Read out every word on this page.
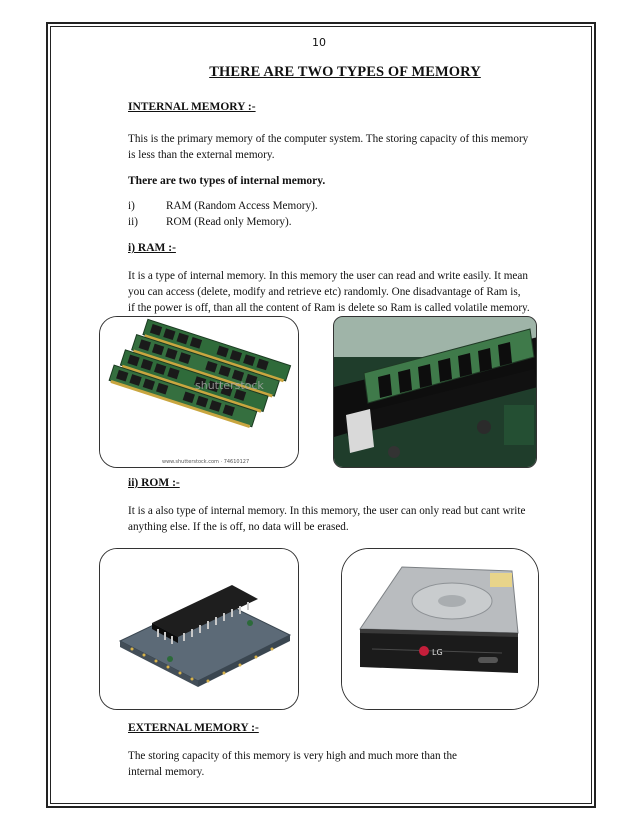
10
THERE ARE TWO TYPES OF MEMORY
INTERNAL MEMORY :-
This is the primary memory of the computer system. The storing capacity of this memory
is less than the external memory.
There are two types of internal memory.
i)	RAM (Random Access Memory).
ii)	ROM (Read only Memory).
i) RAM :-
It is a type of internal memory. In this memory the user can read and write easily. It mean
you can access (delete, modify and retrieve etc) randomly. One disadvantage of Ram is,
if the power is off, than all the content of Ram is delete so Ram is called volatile memory.
shutterstock
www.shutterstock.com · 74610127
ii) ROM :-
It is a also type of internal memory. In this memory, the user can only read but cant write
anything else. If the is off, no data will be erased.
LG
EXTERNAL MEMORY :-
The storing capacity of this memory is very high and much more than the
internal memory.
